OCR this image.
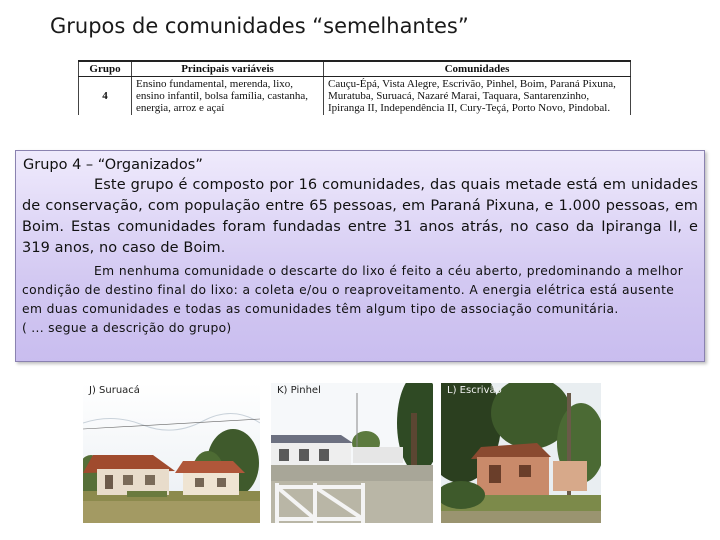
Grupos de comunidades “semelhantes”
Grupo	Principais variáveis	Comunidades
4	Ensino fundamental, merenda, lixo, ensino infantil, bolsa família, castanha, energia, arroz e açaí	Cauçu-Épá, Vista Alegre, Escrivão, Pinhel, Boim, Paraná Pixuna, Muratuba, Suruacá, Nazaré Marai, Taquara, Santarenzinho, Ipiranga II, Independência II, Cury-Teçá, Porto Novo, Pindobal.
Grupo 4 – “Organizados”

Este grupo é composto por 16 comunidades, das quais metade está em unidades de conservação, com população entre 65 pessoas, em Paraná Pixuna, e 1.000 pessoas, em Boim. Estas comunidades foram fundadas entre 31 anos atrás, no caso da Ipiranga II, e 319 anos, no caso de Boim.

Em nenhuma comunidade o descarte do lixo é feito a céu aberto, predominando a melhor condição de destino final do lixo: a coleta e/ou o reaproveitamento. A energia elétrica está ausente em duas comunidades e todas as comunidades têm algum tipo de associação comunitária.

( ... segue a descrição do grupo)

J) Suruacá	K) Pinhel	L) Escrivão
